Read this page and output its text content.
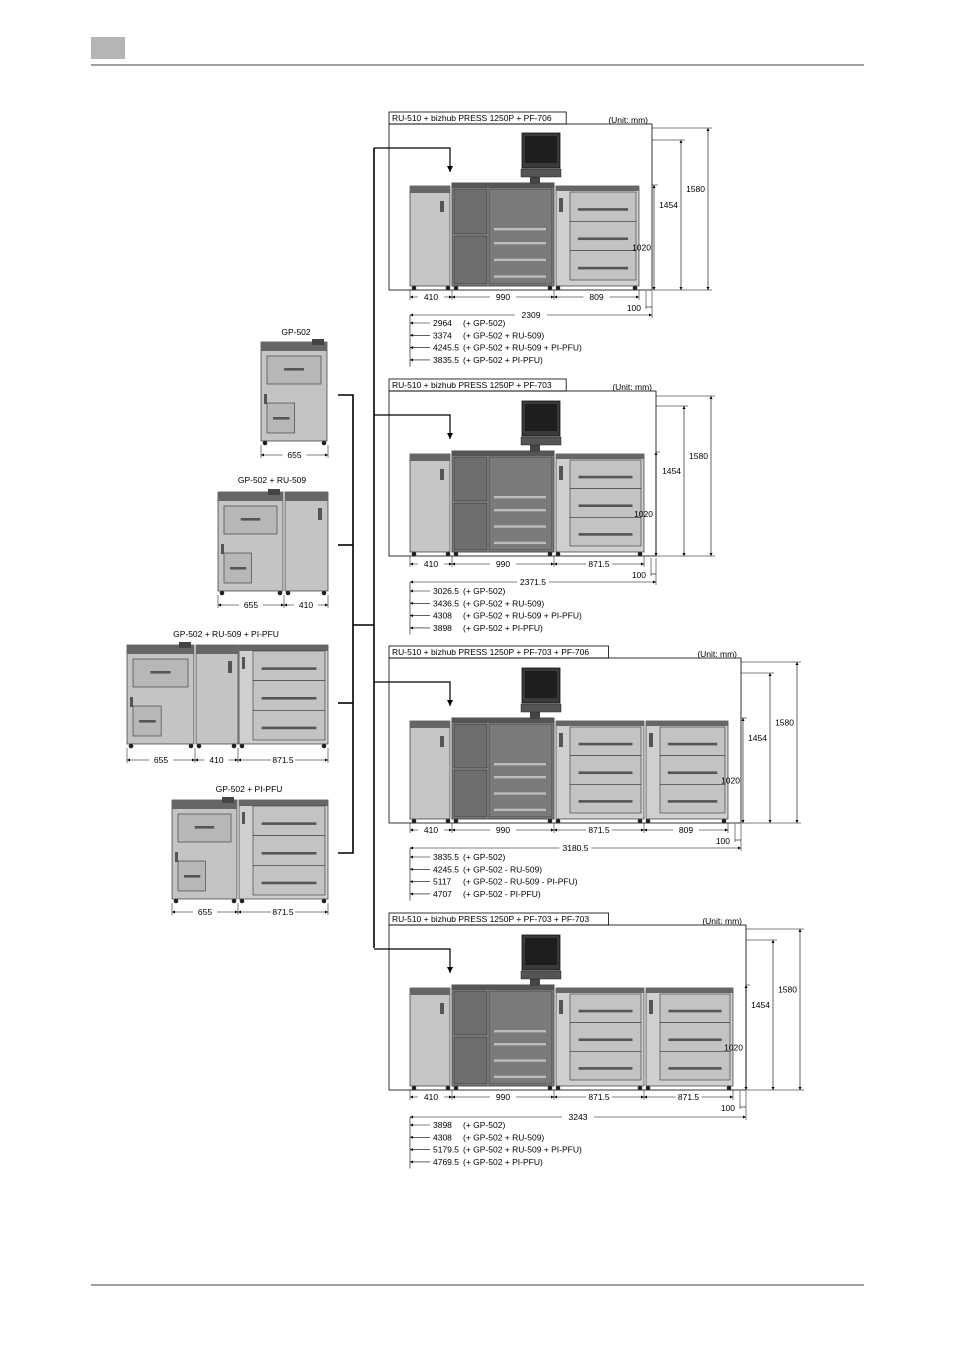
RU-510 + bizhub PRESS 1250P + PF-706	(Unit: mm)
1580
1454
1020
410	990	809
100
2309
2964 (+ GP-502)
3374 (+ GP-502 + RU-509)
4245.5 (+ GP-502 + RU-509 + PI-PFU)
3835.5 (+ GP-502 + PI-PFU)
RU-510 + bizhub PRESS 1250P + PF-703	(Unit: mm)
1580
1454
1020
410	990	871.5
100
2371.5
3026.5 (+ GP-502)
3436.5 (+ GP-502 + RU-509)
4308 (+ GP-502 + RU-509 + PI-PFU)
3898 (+ GP-502 + PI-PFU)
RU-510 + bizhub PRESS 1250P + PF-703 + PF-706	(Unit: mm)
1580
1454
1020
410	990	871.5	809
100
3180.5
3835.5 (+ GP-502)
4245.5 (+ GP-502 - RU-509)
5117 (+ GP-502 - RU-509 - PI-PFU)
4707 (+ GP-502 - PI-PFU)
RU-510 + bizhub PRESS 1250P + PF-703 + PF-703	(Unit: mm)
1580
1454
1020
410	990	871.5	871.5
100
3243
3898 (+ GP-502)
4308 (+ GP-502 + RU-509)
5179.5 (+ GP-502 + RU-509 + PI-PFU)
4769.5 (+ GP-502 + PI-PFU)
GP-502
655
GP-502 + RU-509
655	410
GP-502 + RU-509 + PI-PFU
655	410	871.5
GP-502 + PI-PFU
655	871.5
